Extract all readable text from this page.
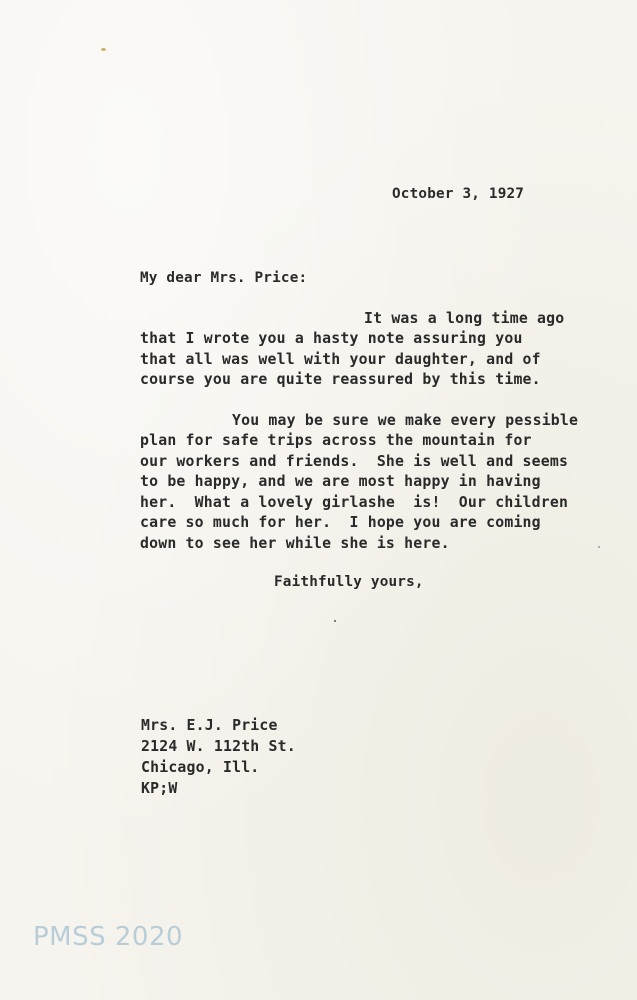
October 3, 1927

My dear Mrs. Price:

It was a long time ago

that I wrote you a hasty note assuring you

that all was well with your daughter, and of

course you are quite reassured by this time.

You may be sure we make every pessible

plan for safe trips across the mountain for

our workers and friends.  She is well and seems

to be happy, and we are most happy in having

her.  What a lovely girlashe  is!  Our children

care so much for her.  I hope you are coming

down to see her while she is here.

Faithfully yours,

Mrs. E.J. Price

2124 W. 112th St.

Chicago, Ill.

KP;W

PMSS 2020
